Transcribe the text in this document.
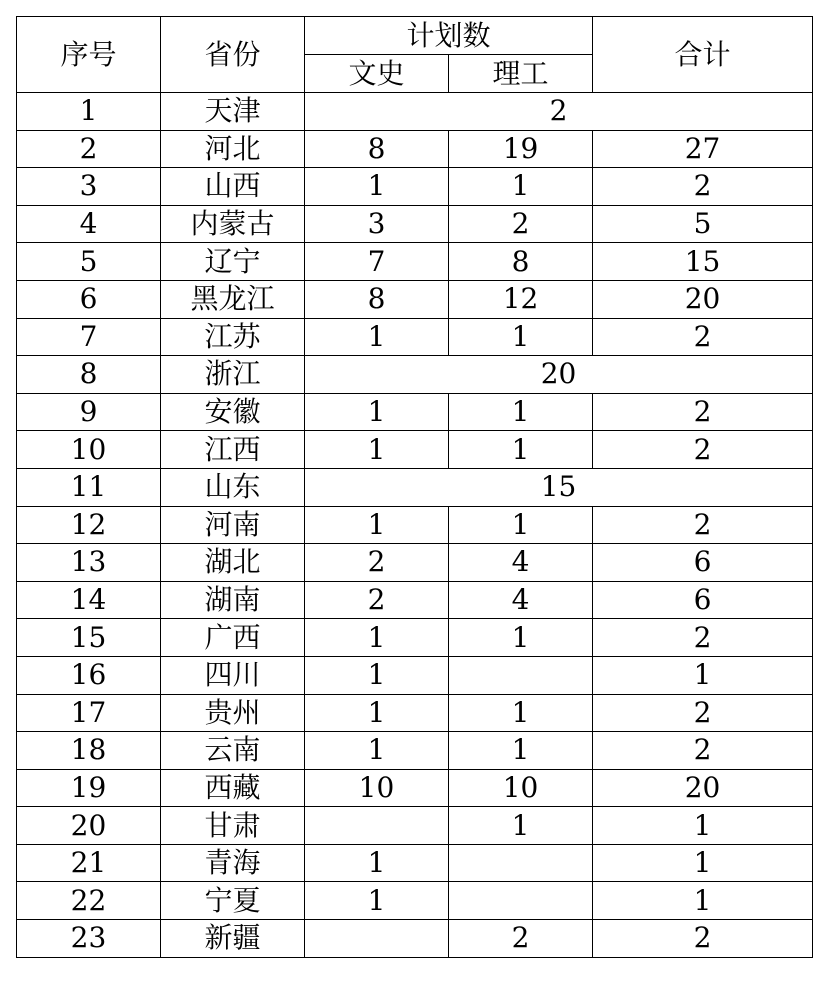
序号	省份	计划数		合计
		文史	理工	
1	天津	2		
2	河北	8	19	27
3	山西	1	1	2
4	内蒙古	3	2	5
5	辽宁	7	8	15
6	黑龙江	8	12	20
7	江苏	1	1	2
8	浙江	20		
9	安徽	1	1	2
10	江西	1	1	2
11	山东	15		
12	河南	1	1	2
13	湖北	2	4	6
14	湖南	2	4	6
15	广西	1	1	2
16	四川	1		1
17	贵州	1	1	2
18	云南	1	1	2
19	西藏	10	10	20
20	甘肃		1	1
21	青海	1		1
22	宁夏	1		1
23	新疆		2	2
